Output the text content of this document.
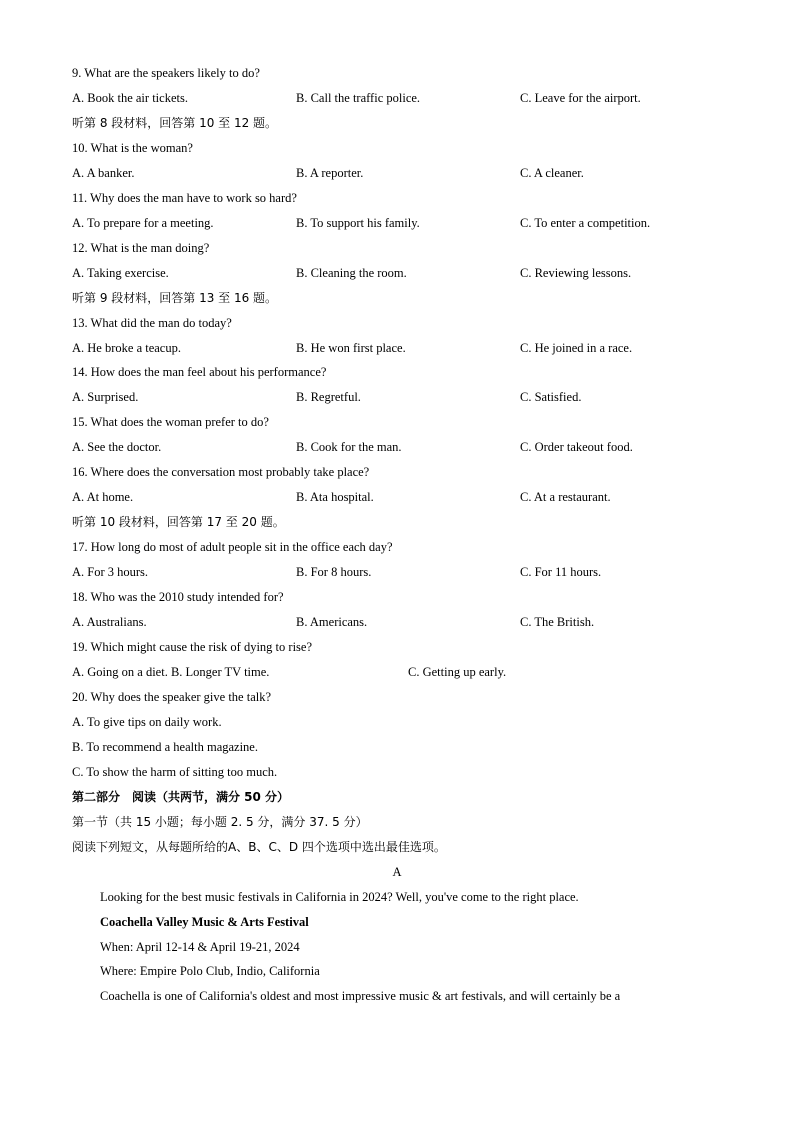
9. What are the speakers likely to do?
A. Book the air tickets.	B. Call the traffic police.	C. Leave for the airport.
听第 8 段材料，回答第 10 至 12 题。
10. What is the woman?
A. A banker.	B. A reporter.	C. A cleaner.
11. Why does the man have to work so hard?
A. To prepare for a meeting.	B. To support his family.	C. To enter a competition.
12. What is the man doing?
A. Taking exercise.	B. Cleaning the room.	C. Reviewing lessons.
听第 9 段材料，回答第 13 至 16 题。
13. What did the man do today?
A. He broke a teacup.	B. He won first place.	C. He joined in a race.
14. How does the man feel about his performance?
A. Surprised.	B. Regretful.	C. Satisfied.
15. What does the woman prefer to do?
A. See the doctor.	B. Cook for the man.	C. Order takeout food.
16. Where does the conversation most probably take place?
A. At home.	B. Ata hospital.	C. At a restaurant.
听第 10 段材料，回答第 17 至 20 题。
17. How long do most of adult people sit in the office each day?
A. For 3 hours.	B. For 8 hours.	C. For 11 hours.
18. Who was the 2010 study intended for?
A. Australians.	B. Americans.	C. The British.
19. Which might cause the risk of dying to rise?
A. Going on a diet. B. Longer TV time.	C. Getting up early.
20. Why does the speaker give the talk?
A. To give tips on daily work.
B. To recommend a health magazine.
C. To show the harm of sitting too much.
第二部分　阅读（共两节，满分 50 分）
第一节（共 15 小题；每小题 2. 5 分，满分 37. 5 分）
阅读下列短文，从每题所给的A、B、C、D 四个选项中选出最佳选项。
A
Looking for the best music festivals in California in 2024? Well, you've come to the right place.
Coachella Valley Music & Arts Festival
When: April 12-14 & April 19-21, 2024
Where: Empire Polo Club, Indio, California
Coachella is one of California's oldest and most impressive music & art festivals, and will certainly be a
